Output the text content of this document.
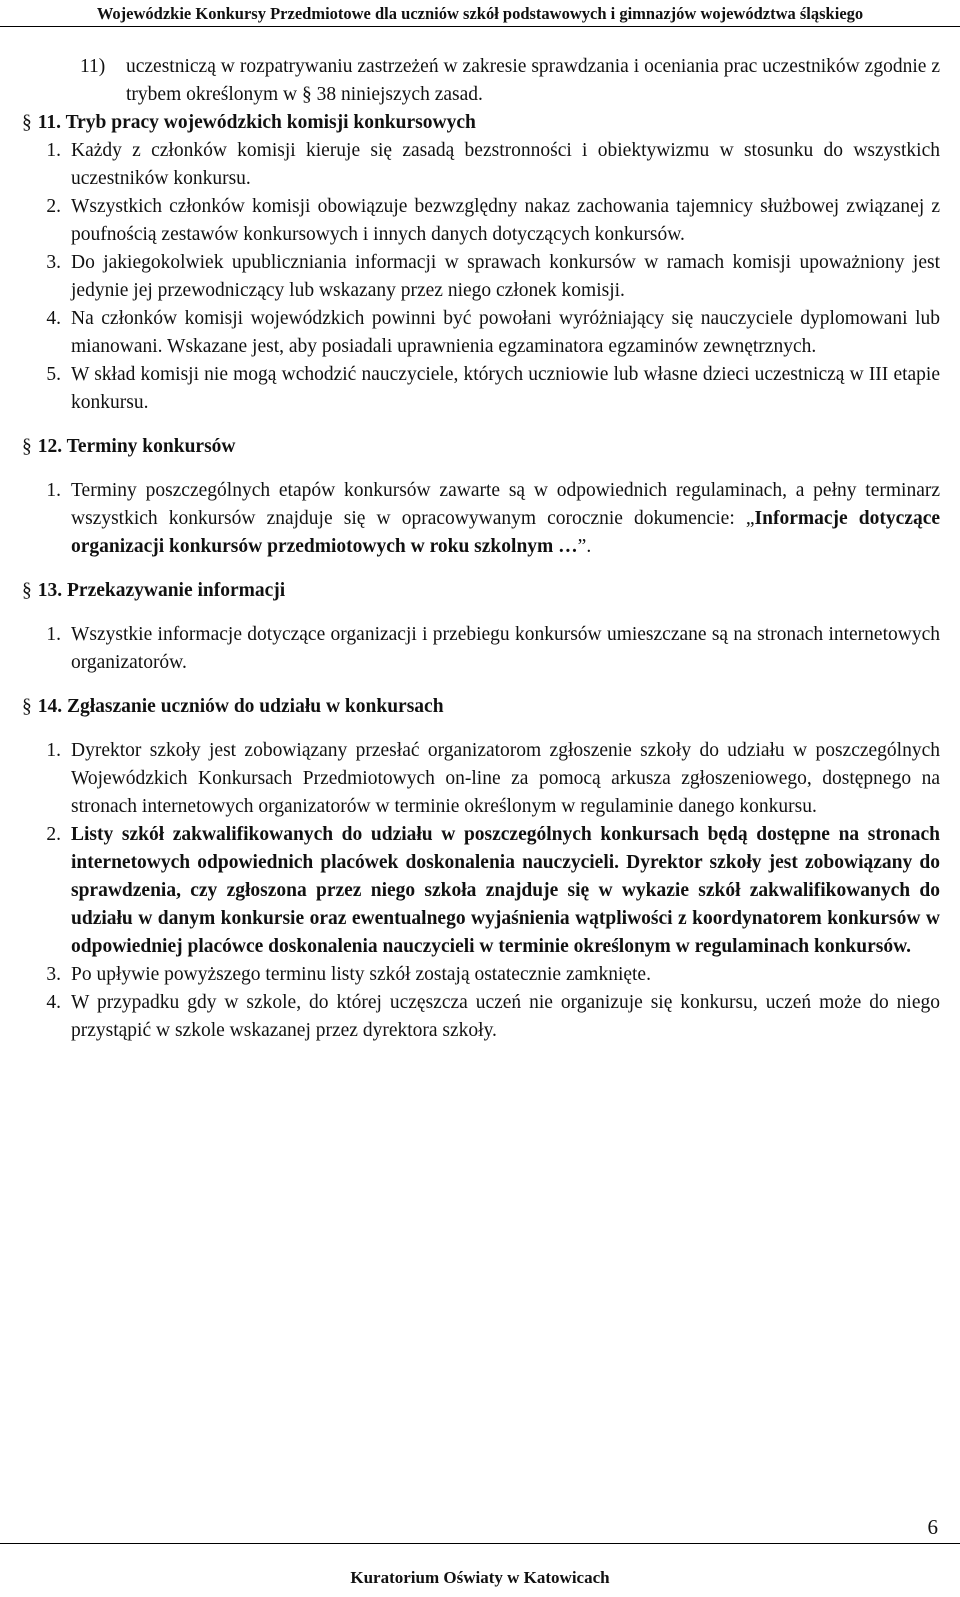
Wojewódzkie Konkursy Przedmiotowe dla uczniów szkół podstawowych i gimnazjów województwa śląskiego
11)	uczestniczą w rozpatrywaniu zastrzeżeń w zakresie sprawdzania i oceniania prac uczestników zgodnie z trybem określonym w § 38 niniejszych zasad.
§ 11. Tryb pracy wojewódzkich komisji konkursowych
1. Każdy z członków komisji kieruje się zasadą bezstronności i obiektywizmu w stosunku do wszystkich uczestników konkursu.
2. Wszystkich członków komisji obowiązuje bezwzględny nakaz zachowania tajemnicy służbowej związanej z poufnością zestawów konkursowych i innych danych dotyczących konkursów.
3. Do jakiegokolwiek upubliczniania informacji w sprawach konkursów w ramach komisji upoważniony jest jedynie jej przewodniczący lub wskazany przez niego członek komisji.
4. Na członków komisji wojewódzkich powinni być powołani wyróżniający się nauczyciele dyplomowani lub mianowani. Wskazane jest, aby posiadali uprawnienia egzaminatora egzaminów zewnętrznych.
5. W skład komisji nie mogą wchodzić nauczyciele, których uczniowie lub własne dzieci uczestniczą w III etapie konkursu.
§ 12. Terminy konkursów
1. Terminy poszczególnych etapów konkursów zawarte są w odpowiednich regulaminach, a pełny terminarz wszystkich konkursów znajduje się w opracowywanym corocznie dokumencie: „Informacje dotyczące organizacji konkursów przedmiotowych w roku szkolnym …”.
§ 13. Przekazywanie informacji
1. Wszystkie informacje dotyczące organizacji i przebiegu konkursów umieszczane są na stronach internetowych organizatorów.
§ 14. Zgłaszanie uczniów do udziału w konkursach
1. Dyrektor szkoły jest zobowiązany przesłać organizatorom zgłoszenie szkoły do udziału w poszczególnych Wojewódzkich Konkursach Przedmiotowych on-line za pomocą arkusza zgłoszeniowego, dostępnego na stronach internetowych organizatorów w terminie określonym w regulaminie danego konkursu.
2. Listy szkół zakwalifikowanych do udziału w poszczególnych konkursach będą dostępne na stronach internetowych odpowiednich placówek doskonalenia nauczycieli. Dyrektor szkoły jest zobowiązany do sprawdzenia, czy zgłoszona przez niego szkoła znajduje się w wykazie szkół zakwalifikowanych do udziału w danym konkursie oraz ewentualnego wyjaśnienia wątpliwości z koordynatorem konkursów w odpowiedniej placówce doskonalenia nauczycieli w terminie określonym w regulaminach konkursów.
3. Po upływie powyższego terminu listy szkół zostają ostatecznie zamknięte.
4. W przypadku gdy w szkole, do której uczęszcza uczeń nie organizuje się konkursu, uczeń może do niego przystąpić w szkole wskazanej przez dyrektora szkoły.
6
Kuratorium Oświaty w Katowicach
